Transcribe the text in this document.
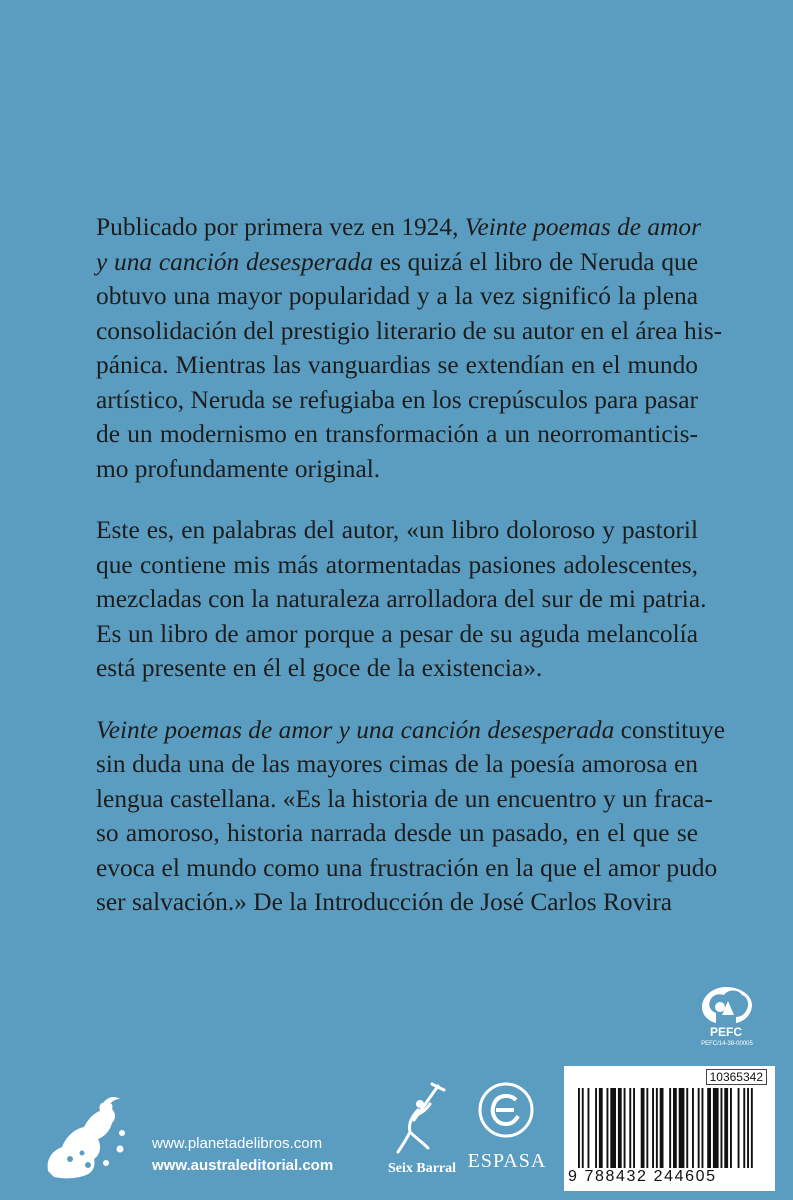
Publicado por primera vez en 1924, Veinte poemas de amor
y una canción desesperada es quizá el libro de Neruda que
obtuvo una mayor popularidad y a la vez significó la plena
consolidación del prestigio literario de su autor en el área his-
pánica. Mientras las vanguardias se extendían en el mundo
artístico, Neruda se refugiaba en los crepúsculos para pasar
de un modernismo en transformación a un neorromanticis-
mo profundamente original.

Este es, en palabras del autor, «un libro doloroso y pastoril
que contiene mis más atormentadas pasiones adolescentes,
mezcladas con la naturaleza arrolladora del sur de mi patria.
Es un libro de amor porque a pesar de su aguda melancolía
está presente en él el goce de la existencia».

Veinte poemas de amor y una canción desesperada constituye
sin duda una de las mayores cimas de la poesía amorosa en
lengua castellana. «Es la historia de un encuentro y un fraca-
so amoroso, historia narrada desde un pasado, en el que se
evoca el mundo como una frustración en la que el amor pudo
ser salvación.» De la Introducción de José Carlos Rovira

www.planetadelibros.com
www.australeditorial.com	Seix Barral ESPASA
PEFC
PEFC/14-38-00005
10365342
9 788432 244605
